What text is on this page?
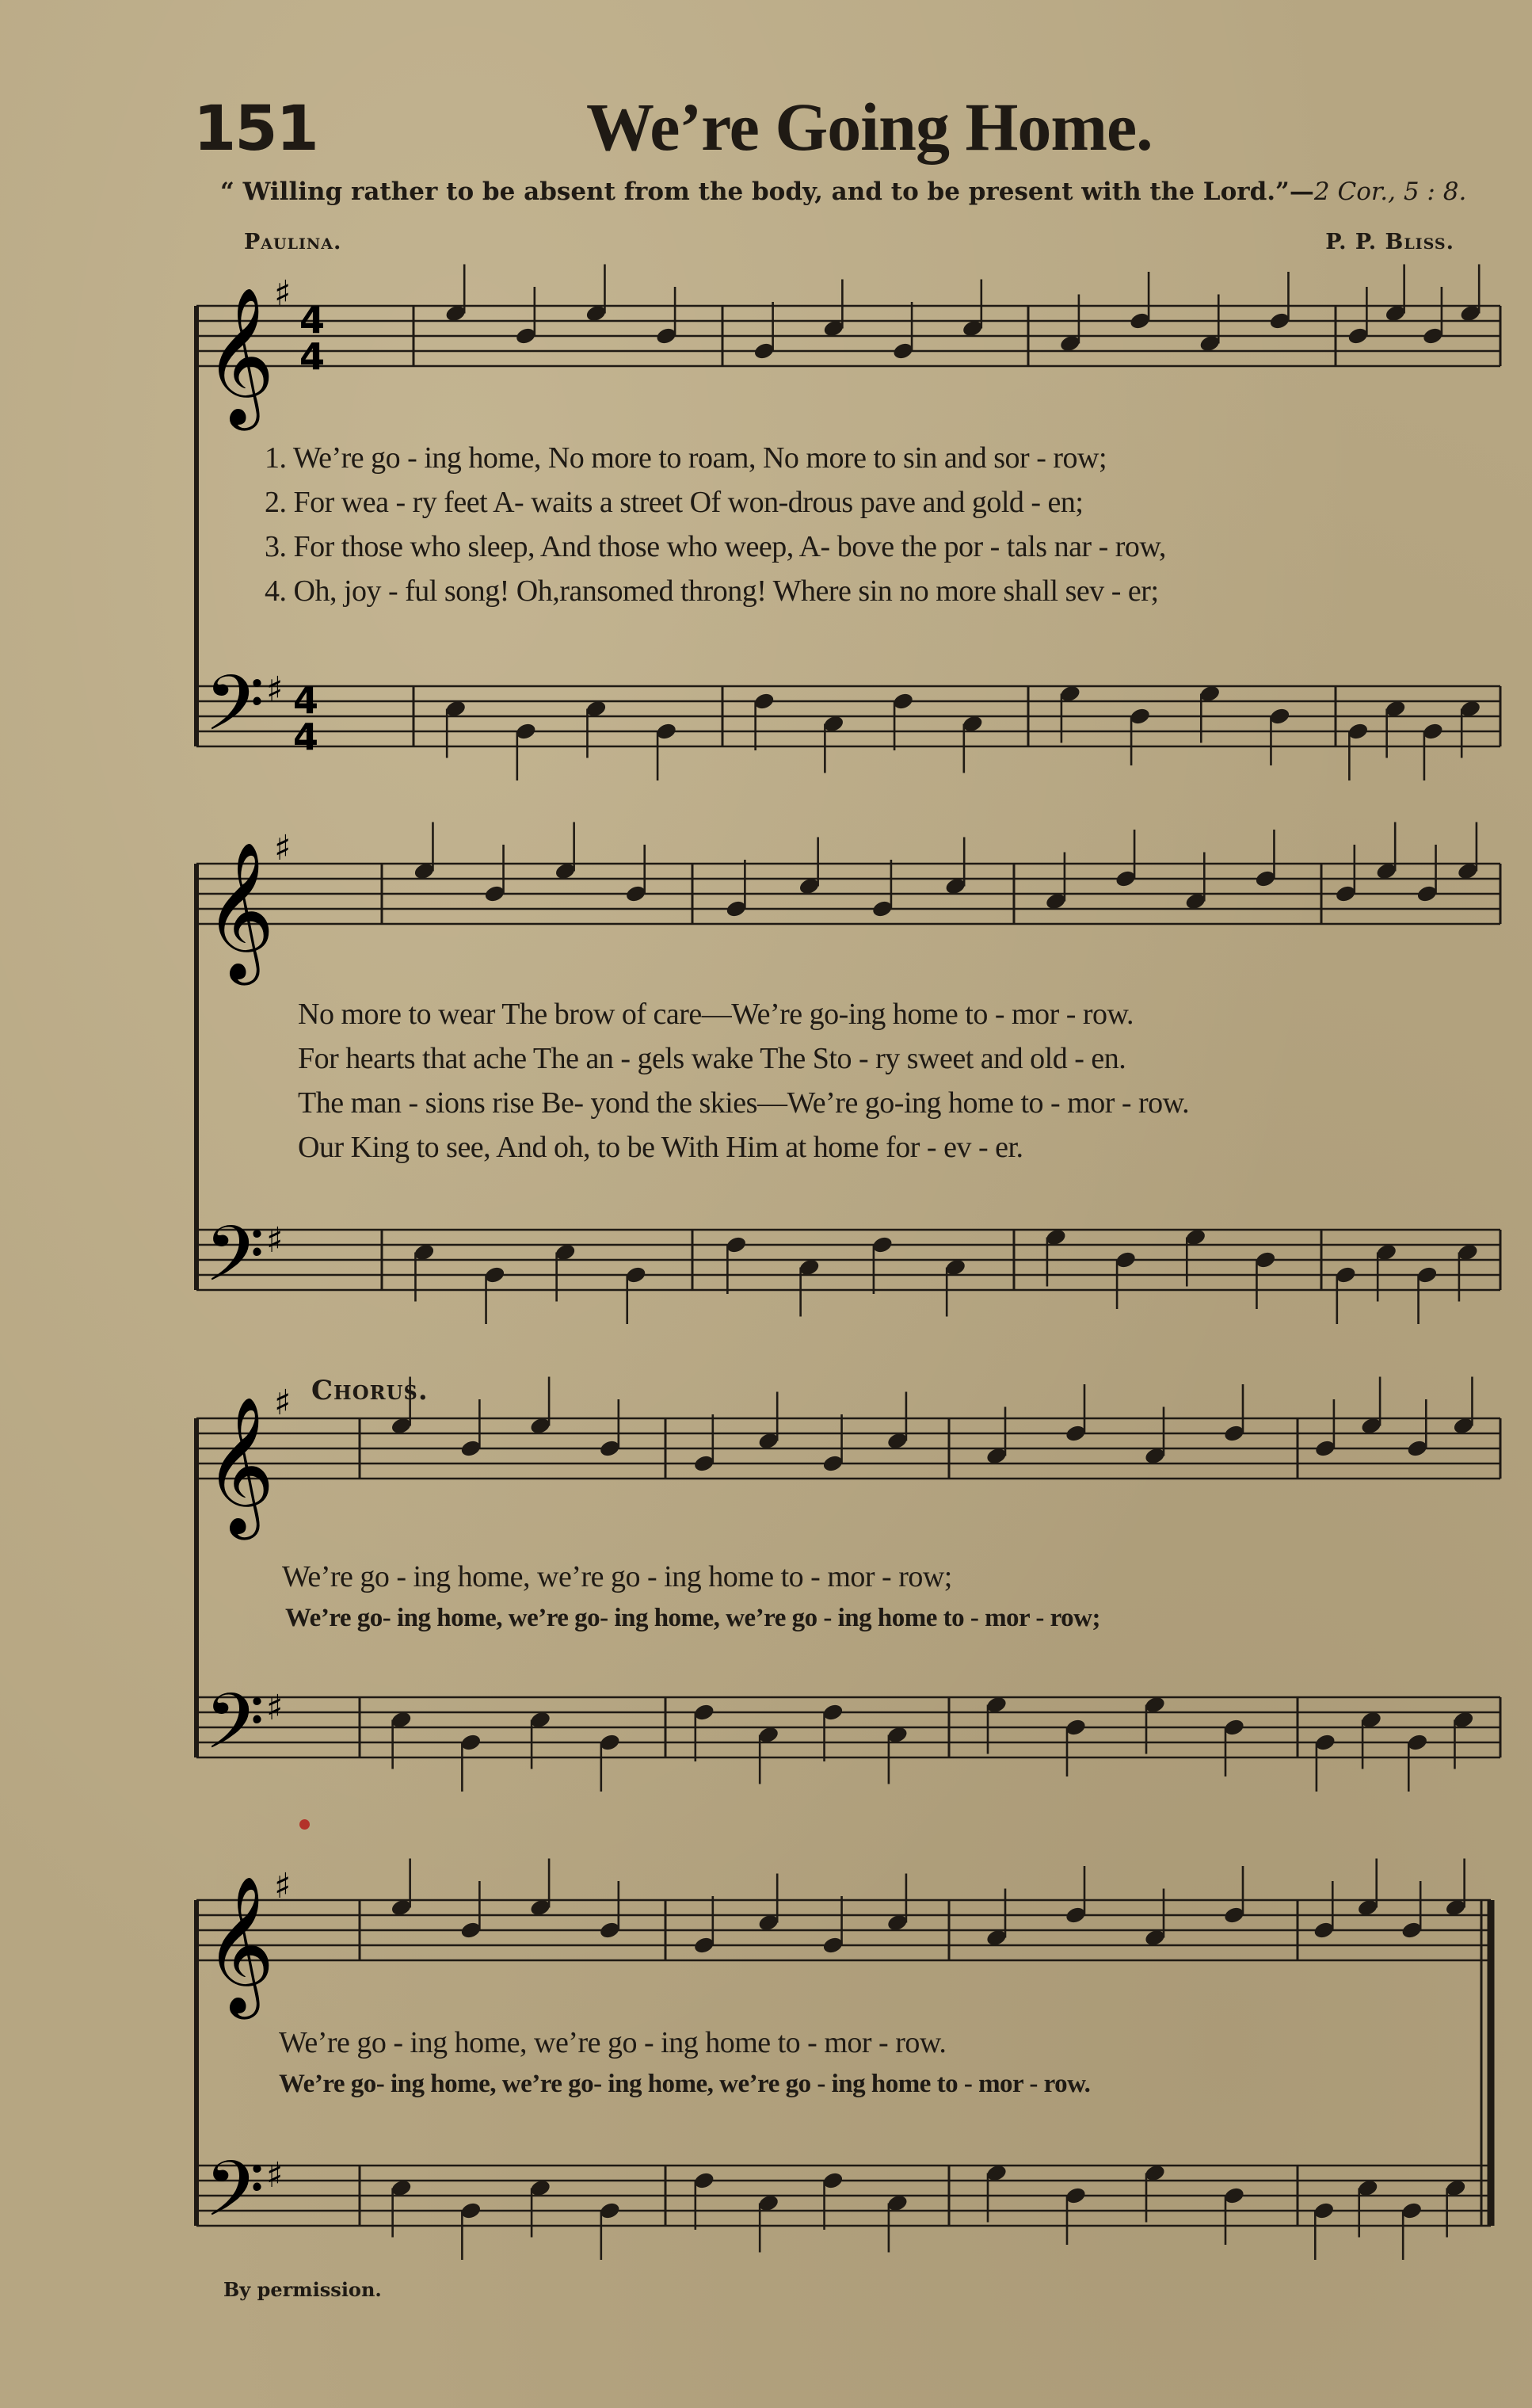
151	We’re Going Home.
“ Willing rather to be absent from the body, and to be present with the Lord.”—2 Cor., 5 : 8.
Paulina.	P. P. Bliss.
𝄞
𝄞
𝄞
𝄞
𝄢
𝄢
𝄢
𝄢
♯
♯
♯
♯
♯
♯
♯
♯
4
4
4
4
1. We’re go - ing home, No more to roam, No more to sin and sor - row;
2. For wea - ry feet A- waits a street Of won-drous pave and gold - en;
3. For those who sleep, And those who weep, A- bove the por - tals nar - row,
4. Oh, joy - ful song! Oh,ransomed throng! Where sin no more shall sev - er;
No more to wear The brow of care—We’re go-ing home to - mor - row.
For hearts that ache The an - gels wake The Sto - ry sweet and old - en.
The man - sions rise Be- yond the skies—We’re go-ing home to - mor - row.
Our King to see, And oh, to be With Him at home for - ev - er.
Chorus.
We’re go - ing home, we’re go - ing home to - mor - row;
We’re go- ing home, we’re go- ing home, we’re go - ing home to - mor - row;
We’re go - ing home, we’re go - ing home to - mor - row.
We’re go- ing home, we’re go- ing home, we’re go - ing home to - mor - row.
By permission.
